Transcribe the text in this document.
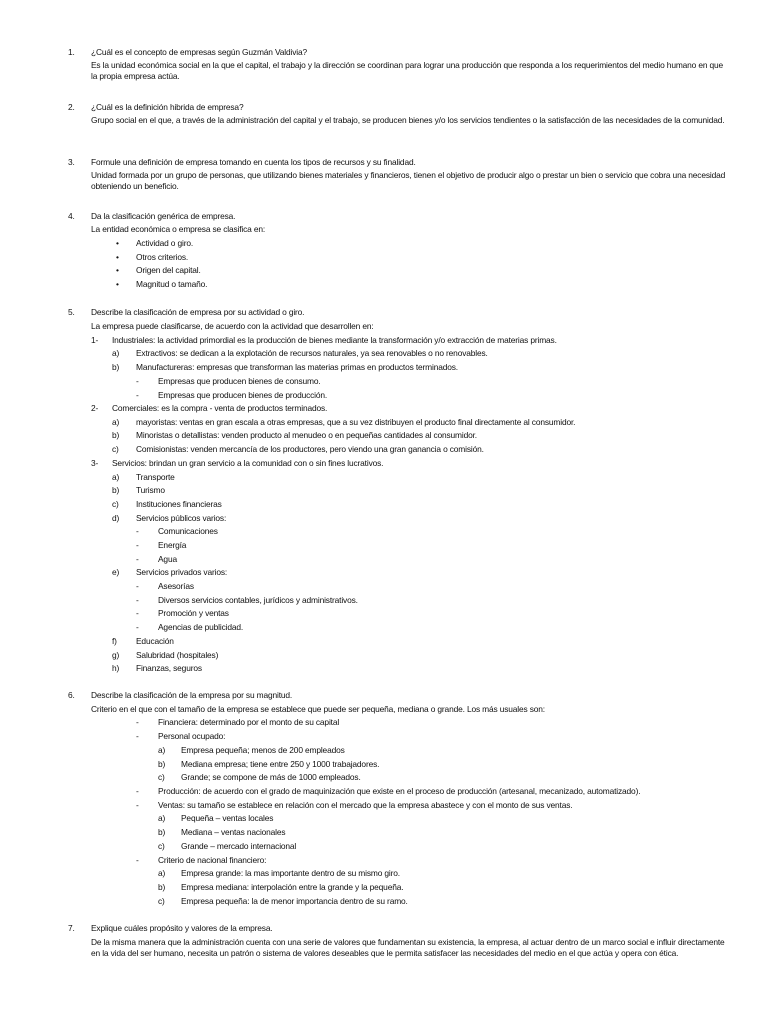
1. ¿Cuál es el concepto de empresas según Guzmán Valdivia?
Es la unidad económica social en la que el capital, el trabajo y la dirección se coordinan para lograr una producción que responda a los requerimientos del medio humano en que la propia empresa actúa.
2. ¿Cuál es la definición hibrida de empresa?
Grupo social en el que, a través de la administración del capital y el trabajo, se producen bienes y/o los servicios tendientes o la satisfacción de las necesidades de la comunidad.
3. Formule una definición de empresa tomando en cuenta los tipos de recursos y su finalidad.
Unidad formada por un grupo de personas, que utilizando bienes materiales y financieros, tienen el objetivo de producir algo o prestar un bien o servicio que cobra una necesidad obteniendo un beneficio.
4. Da la clasificación genérica de empresa.
La entidad económica o empresa se clasifica en:
• Actividad o giro.
• Otros criterios.
• Origen del capital.
• Magnitud o tamaño.
5. Describe la clasificación de empresa por su actividad o giro.
La empresa puede clasificarse, de acuerdo con la actividad que desarrollen en:
1- Industriales: la actividad primordial es la producción de bienes mediante la transformación y/o extracción de materias primas.
a) Extractivos: se dedican a la explotación de recursos naturales, ya sea renovables o no renovables.
b) Manufactureras: empresas que transforman las materias primas en productos terminados.
- Empresas que producen bienes de consumo.
- Empresas que producen bienes de producción.
2- Comerciales: es la compra - venta de productos terminados.
a) mayoristas: ventas en gran escala a otras empresas, que a su vez distribuyen el producto final directamente al consumidor.
b) Minoristas o detallistas: venden producto al menudeo o en pequeñas cantidades al consumidor.
c) Comisionistas: venden mercancía de los productores, pero viendo una gran ganancia o comisión.
3- Servicios: brindan un gran servicio a la comunidad con o sin fines lucrativos.
a) Transporte
b) Turismo
c) Instituciones financieras
d) Servicios públicos varios:
- Comunicaciones
- Energía
- Agua
e) Servicios privados varios:
- Asesorías
- Diversos servicios contables, jurídicos y administrativos.
- Promoción y ventas
- Agencias de publicidad.
f) Educación
g) Salubridad (hospitales)
h) Finanzas, seguros
6. Describe la clasificación de la empresa por su magnitud.
Criterio en el que con el tamaño de la empresa se establece que puede ser pequeña, mediana o grande. Los más usuales son:
- Financiera: determinado por el monto de su capital
- Personal ocupado:
a) Empresa pequeña; menos de 200 empleados
b) Mediana empresa; tiene entre 250 y 1000 trabajadores.
c) Grande; se compone de más de 1000 empleados.
- Producción: de acuerdo con el grado de maquinización que existe en el proceso de producción (artesanal, mecanizado, automatizado).
- Ventas: su tamaño se establece en relación con el mercado que la empresa abastece y con el monto de sus ventas.
a) Pequeña – ventas locales
b) Mediana – ventas nacionales
c) Grande – mercado internacional
- Criterio de nacional financiero:
a) Empresa grande: la mas importante dentro de su mismo giro.
b) Empresa mediana: interpolación entre la grande y la pequeña.
c) Empresa pequeña: la de menor importancia dentro de su ramo.
7. Explique cuáles propósito y valores de la empresa.
De la misma manera que la administración cuenta con una serie de valores que fundamentan su existencia, la empresa, al actuar dentro de un marco social e influir directamente en la vida del ser humano, necesita un patrón o sistema de valores deseables que le permita satisfacer las necesidades del medio en el que actúa y opera con ética.
